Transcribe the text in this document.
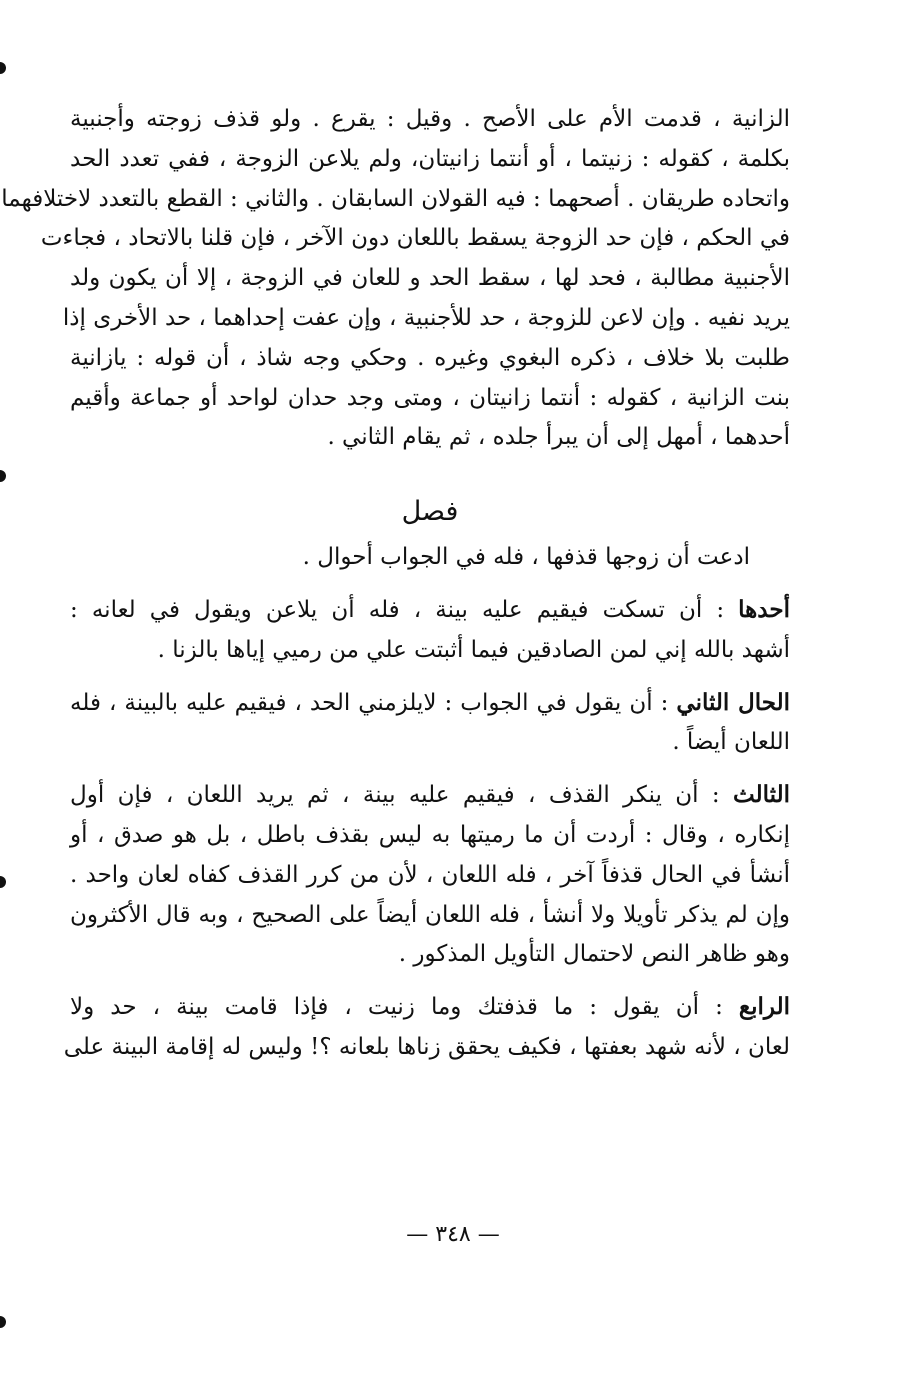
الزانية ، قدمت الأم على الأصح . وقيل : يقرع . ولو قذف زوجته وأجنبية
بكلمة ، كقوله : زنيتما ، أو أنتما زانيتان، ولم يلاعن الزوجة ، ففي تعدد الحد
واتحاده طريقان . أصحهما : فيه القولان السابقان . والثاني : القطع بالتعدد لاختلافهما
في الحكم ، فإن حد الزوجة يسقط باللعان دون الآخر ، فإن قلنا بالاتحاد ، فجاءت
الأجنبية مطالبة ، فحد لها ، سقط الحد و للعان في الزوجة ، إلا أن يكون ولد
يريد نفيه . وإن لاعن للزوجة ، حد للأجنبية ، وإن عفت إحداهما ، حد الأخرى إذا
طلبت بلا خلاف ، ذكره البغوي وغيره . وحكي وجه شاذ ، أن قوله : يازانية
بنت الزانية ، كقوله : أنتما زانيتان ، ومتى وجد حدان لواحد أو جماعة وأقيم
أحدهما ، أمهل إلى أن يبرأ جلده ، ثم يقام الثاني .
فصل
ادعت أن زوجها قذفها ، فله في الجواب أحوال .
أحدها : أن تسكت فيقيم عليه بينة ، فله أن يلاعن ويقول في لعانه :
أشهد بالله إني لمن الصادقين فيما أثبتت علي من رميي إياها بالزنا .
الحال الثاني : أن يقول في الجواب : لايلزمني الحد ، فيقيم عليه بالبينة ، فله
اللعان أيضاً .
الثالث : أن ينكر القذف ، فيقيم عليه بينة ، ثم يريد اللعان ، فإن أول
إنكاره ، وقال : أردت أن ما رميتها به ليس بقذف باطل ، بل هو صدق ، أو
أنشأ في الحال قذفاً آخر ، فله اللعان ، لأن من كرر القذف كفاه لعان واحد .
وإن لم يذكر تأويلا ولا أنشأ ، فله اللعان أيضاً على الصحيح ، وبه قال الأكثرون
وهو ظاهر النص لاحتمال التأويل المذكور .
الرابع : أن يقول : ما قذفتك وما زنيت ، فإذا قامت بينة ، حد ولا
لعان ، لأنه شهد بعفتها ، فكيف يحقق زناها بلعانه ؟! وليس له إقامة البينة على
— ٣٤٨ —
